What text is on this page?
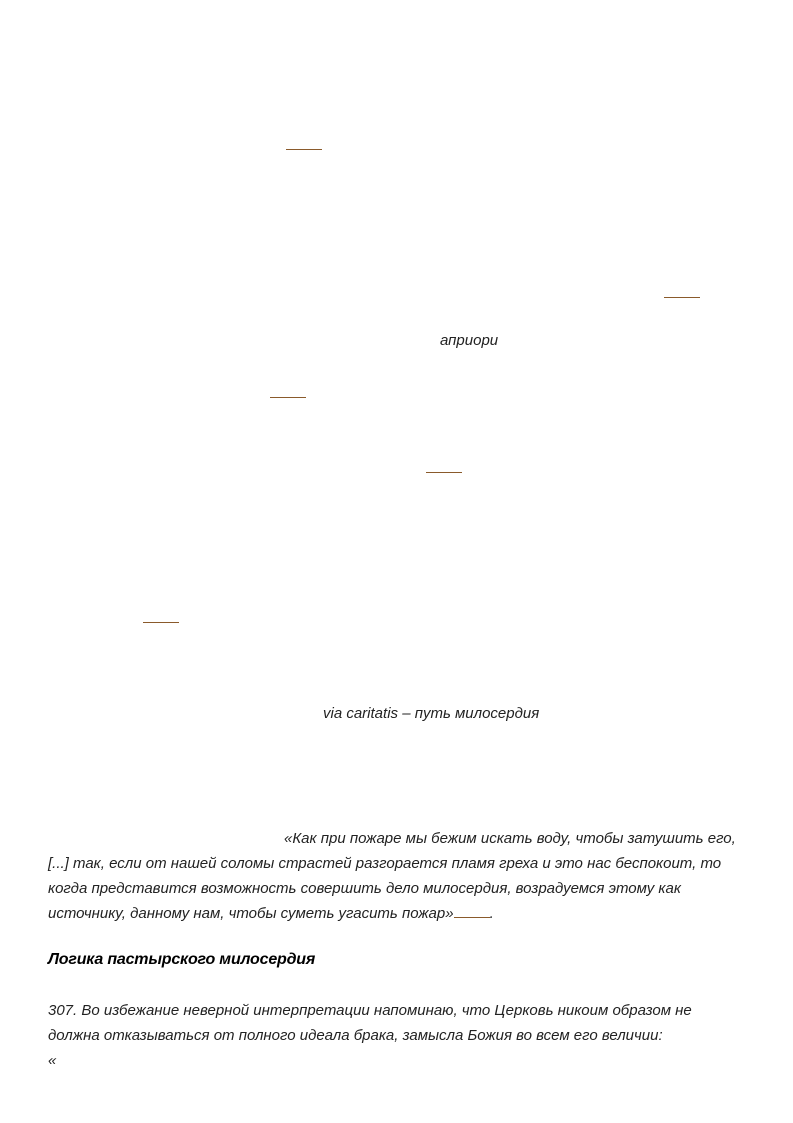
априори
via caritatis – путь милосердия
«Как при пожаре мы бежим искать воду, чтобы затушить его,
[...] так, если от нашей соломы страстей разгорается пламя греха и это нас беспокоит, то
когда представится возможность совершить дело милосердия, возрадуемся этому как
источнику, данному нам, чтобы суметь угасить пожар» .
Логика пастырского милосердия
307. Во избежание неверной интерпретации напоминаю, что Церковь никоим образом не
должна отказываться от полного идеала брака, замысла Божия во всем его величии:
«
